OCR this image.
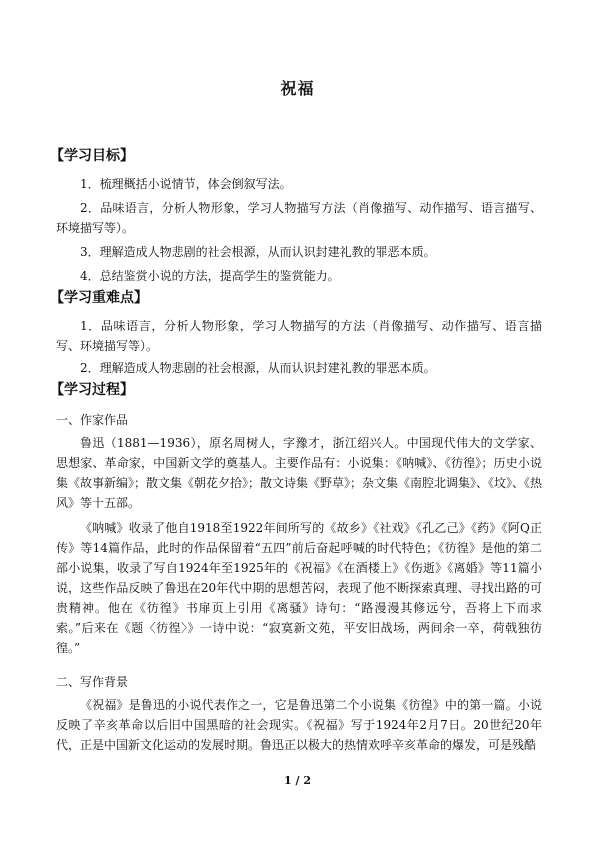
祝福
【学习目标】
1．梳理概括小说情节，体会倒叙写法。
2．品味语言，分析人物形象，学习人物描写方法（肖像描写、动作描写、语言描写、环境描写等）。
3．理解造成人物悲剧的社会根源，从而认识封建礼教的罪恶本质。
4．总结鉴赏小说的方法，提高学生的鉴赏能力。
【学习重难点】
1．品味语言，分析人物形象，学习人物描写的方法（肖像描写、动作描写、语言描写、环境描写等）。
2．理解造成人物悲剧的社会根源，从而认识封建礼教的罪恶本质。
【学习过程】
一、作家作品
鲁迅（1881—1936），原名周树人，字豫才，浙江绍兴人。中国现代伟大的文学家、思想家、革命家，中国新文学的奠基人。主要作品有：小说集：《呐喊》、《彷徨》；历史小说集《故事新编》；散文集《朝花夕拾》；散文诗集《野草》；杂文集《南腔北调集》、《坟》、《热风》等十五部。
《呐喊》收录了他自1918至1922年间所写的《故乡》《社戏》《孔乙己》《药》《阿Q正传》等14篇作品，此时的作品保留着“五四”前后奋起呼喊的时代特色；《彷徨》是他的第二部小说集，收录了写自1924年至1925年的《祝福》《在酒楼上》《伤逝》《离婚》等11篇小说，这些作品反映了鲁迅在20年代中期的思想苦闷，表现了他不断探索真理、寻找出路的可贵精神。他在《彷徨》书扉页上引用《离骚》诗句：“路漫漫其修远兮，吾将上下而求索。”后来在《题〈彷徨〉》一诗中说：“寂寞新文苑，平安旧战场，两间余一卒，荷戟独彷徨。”
二、写作背景
《祝福》是鲁迅的小说代表作之一，它是鲁迅第二个小说集《彷徨》中的第一篇。小说反映了辛亥革命以后旧中国黑暗的社会现实。《祝福》写于1924年2月7日。20世纪20年代，正是中国新文化运动的发展时期。鲁迅正以极大的热情欢呼辛亥革命的爆发，可是残酷
1 / 2
